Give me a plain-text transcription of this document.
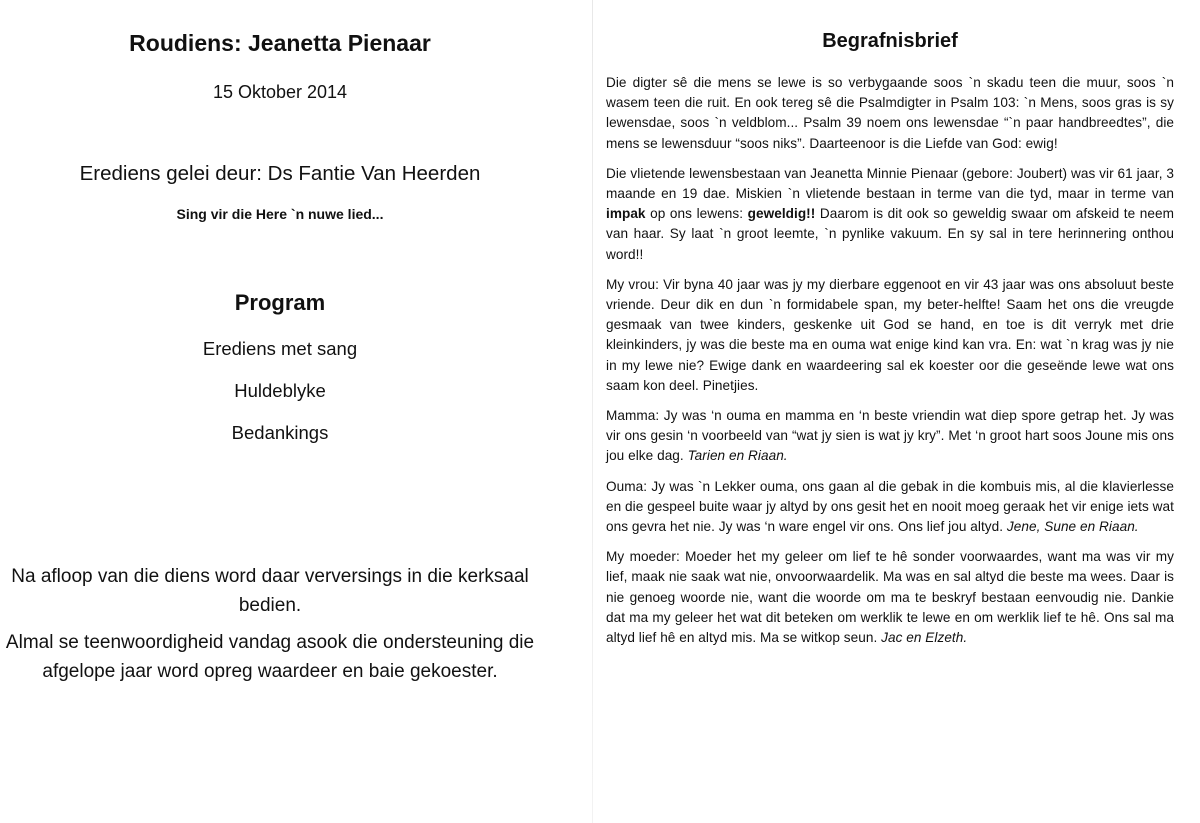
Roudiens: Jeanetta Pienaar
15 Oktober 2014
Erediens gelei deur: Ds Fantie Van Heerden
Sing vir die Here `n nuwe lied...
Program
Erediens met sang
Huldeblyke
Bedankings

Na afloop van die diens word daar verversings in die kerksaal bedien.

Almal se teenwoordigheid vandag asook die ondersteuning die afgelope jaar word opreg waardeer en baie gekoester.

Begrafnisbrief

Die digter sê die mens se lewe is so verbygaande soos `n skadu teen die muur, soos `n wasem teen die ruit. En ook tereg sê die Psalmdigter in Psalm 103: `n Mens, soos gras is sy lewensdae, soos `n veldblom... Psalm 39 noem ons lewensdae “`n paar handbreedtes”, die mens se lewensduur “soos niks”. Daarteenoor is die Liefde van God: ewig!

Die vlietende lewensbestaan van Jeanetta Minnie Pienaar (gebore: Joubert) was vir 61 jaar, 3 maande en 19 dae. Miskien `n vlietende bestaan in terme van die tyd, maar in terme van impak op ons lewens: geweldig!! Daarom is dit ook so geweldig swaar om afskeid te neem van haar. Sy laat `n groot leemte, `n pynlike vakuum. En sy sal in tere herinnering onthou word!!

My vrou: Vir byna 40 jaar was jy my dierbare eggenoot en vir 43 jaar was ons absoluut beste vriende. Deur dik en dun `n formidabele span, my beter-helfte! Saam het ons die vreugde gesmaak van twee kinders, geskenke uit God se hand, en toe is dit verryk met drie kleinkinders, jy was die beste ma en ouma wat enige kind kan vra. En: wat `n krag was jy nie in my lewe nie? Ewige dank en waardeering sal ek koester oor die geseënde lewe wat ons saam kon deel. Pinetjies.

Mamma: Jy was ‘n ouma en mamma en ‘n beste vriendin wat diep spore getrap het. Jy was vir ons gesin ‘n voorbeeld van “wat jy sien is wat jy kry”. Met ‘n groot hart soos Joune mis ons jou elke dag. Tarien en Riaan.

Ouma: Jy was `n Lekker ouma, ons gaan al die gebak in die kombuis mis, al die klavierlesse en die gespeel buite waar jy altyd by ons gesit het en nooit moeg geraak het vir enige iets wat ons gevra het nie. Jy was ‘n ware engel vir ons. Ons lief jou altyd. Jene, Sune en Riaan.

My moeder: Moeder het my geleer om lief te hê sonder voorwaardes, want ma was vir my lief, maak nie saak wat nie, onvoorwaardelik. Ma was en sal altyd die beste ma wees. Daar is nie genoeg woorde nie, want die woorde om ma te beskryf bestaan eenvoudig nie. Dankie dat ma my geleer het wat dit beteken om werklik te lewe en om werklik lief te hê. Ons sal ma altyd lief hê en altyd mis. Ma se witkop seun. Jac en Elzeth.
